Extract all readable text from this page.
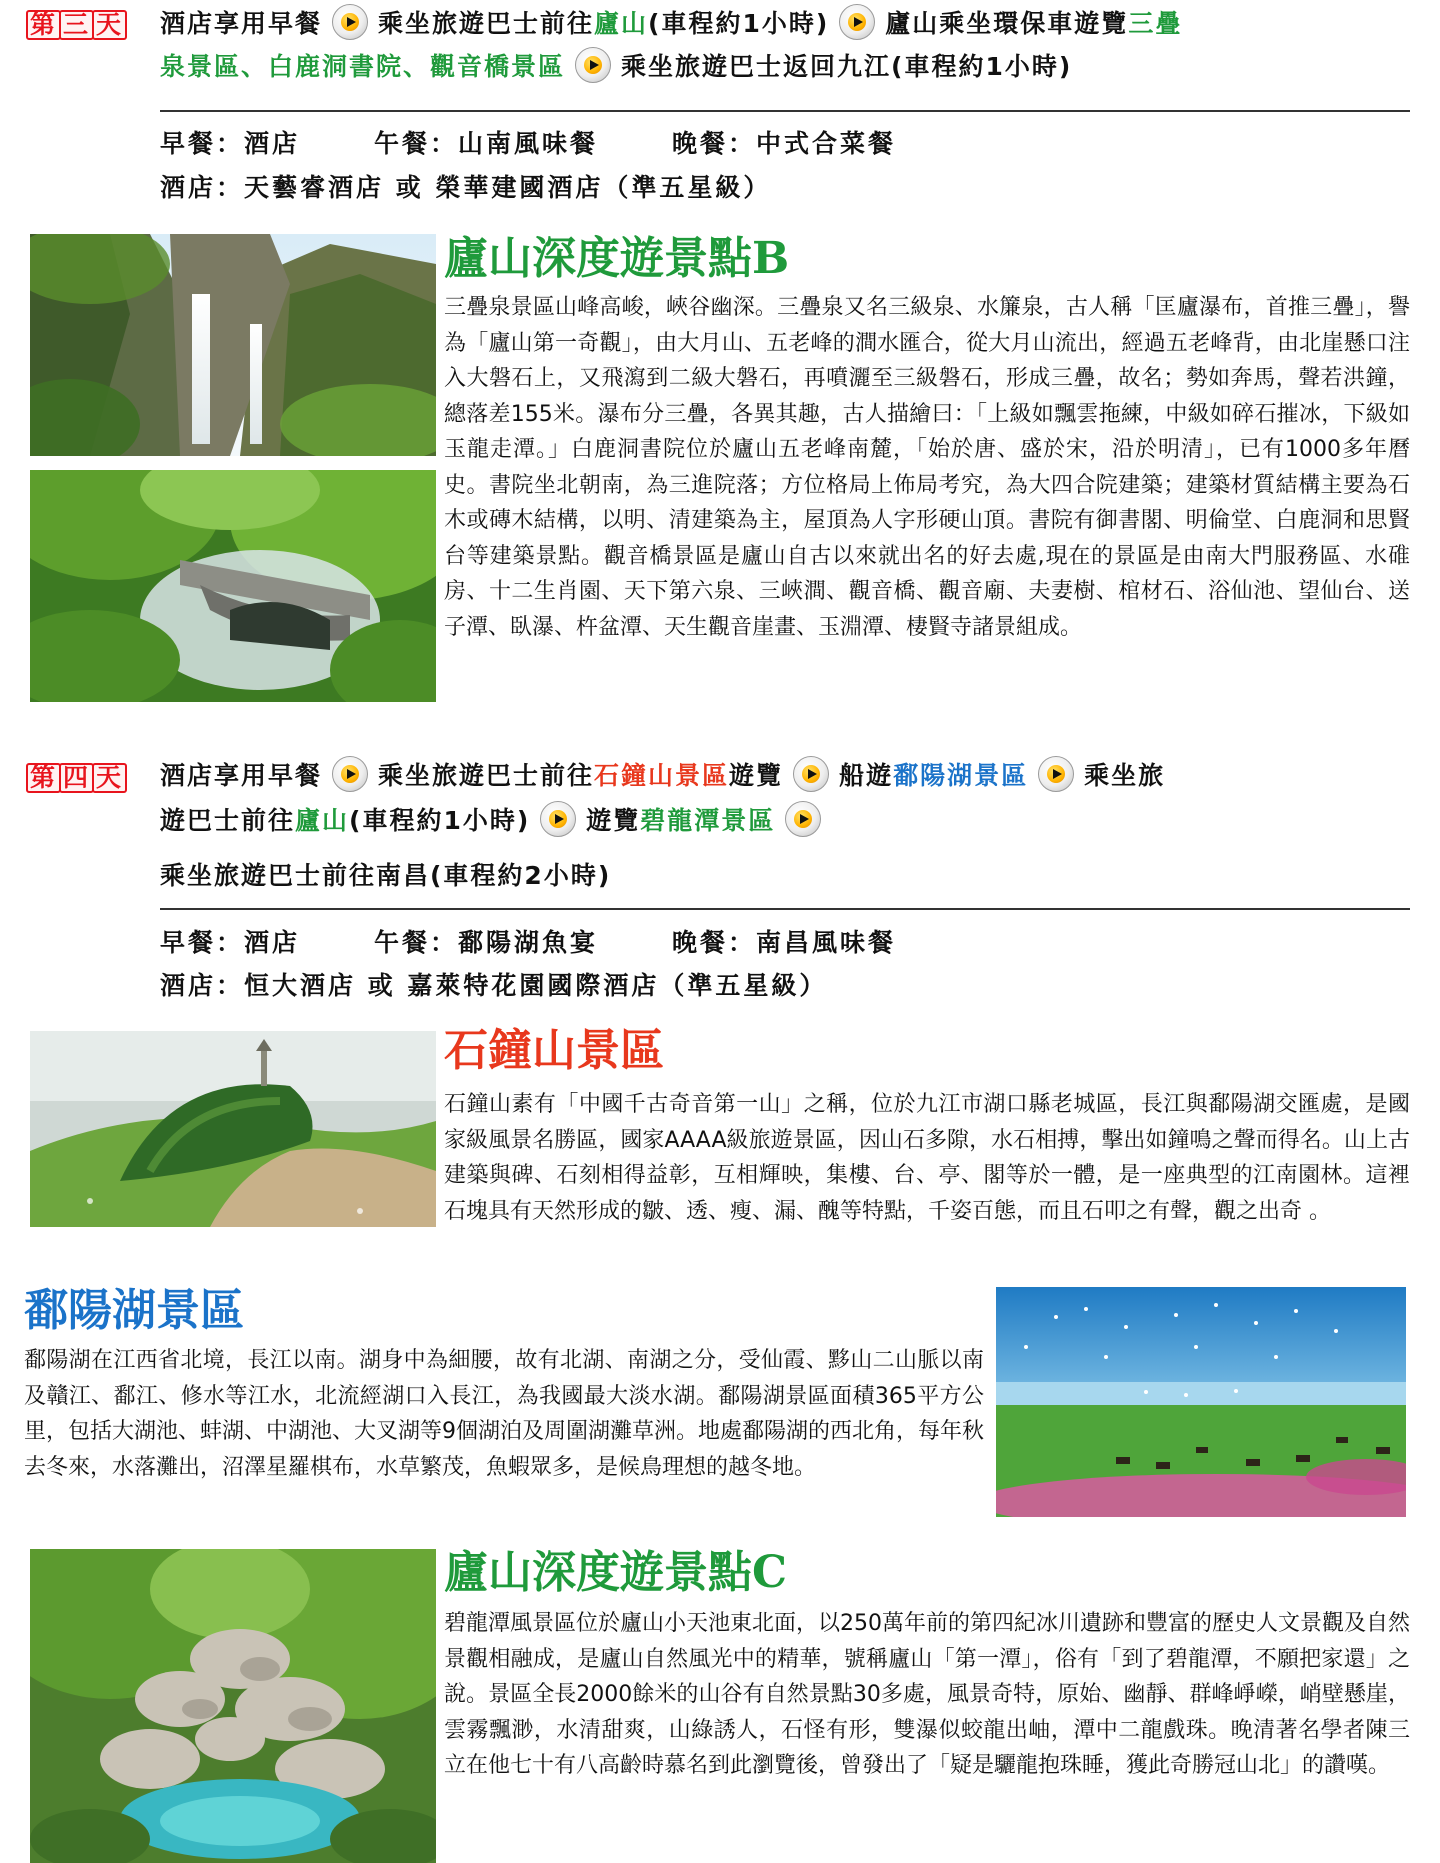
第 三 天 酒店享用早餐 乘坐旅遊巴士前往廬山(車程約1小時) 廬山乘坐環保車遊覽三疊
泉景區、白鹿洞書院、觀音橋景區 乘坐旅遊巴士返回九江(車程約1小時)
早餐：酒店	午餐：山南風味餐	晚餐：中式合菜餐
酒店：天藝睿酒店 或 榮華建國酒店（準五星級）
廬山深度遊景點B
三疊泉景區山峰高峻，峽谷幽深。三疊泉又名三級泉、水簾泉，古人稱「匡廬瀑布，首推三疊」，譽為「廬山第一奇觀」，由大月山、五老峰的澗水匯合，從大月山流出，經過五老峰背，由北崖懸口注入大磐石上，又飛瀉到二級大磐石，再噴灑至三級磐石，形成三疊，故名；勢如奔馬，聲若洪鐘，總落差155米。瀑布分三疊，各異其趣，古人描繪曰：「上級如飄雲拖練，中級如碎石摧冰，下級如玉龍走潭。」白鹿洞書院位於廬山五老峰南麓，「始於唐、盛於宋，沿於明清」，已有1000多年曆史。書院坐北朝南，為三進院落；方位格局上佈局考究，為大四合院建築；建築材質結構主要為石木或磚木結構，以明、清建築為主，屋頂為人字形硬山頂。書院有御書閣、明倫堂、白鹿洞和思賢台等建築景點。觀音橋景區是廬山自古以來就出名的好去處,現在的景區是由南大門服務區、水碓房、十二生肖園、天下第六泉、三峽澗、觀音橋、觀音廟、夫妻樹、棺材石、浴仙池、望仙台、送子潭、臥瀑、杵盆潭、天生觀音崖畫、玉淵潭、棲賢寺諸景組成。
第 四 天 酒店享用早餐 乘坐旅遊巴士前往石鐘山景區遊覽 船遊鄱陽湖景區 乘坐旅
遊巴士前往廬山(車程約1小時) 遊覽碧龍潭景區
乘坐旅遊巴士前往南昌(車程約2小時)
早餐：酒店	午餐：鄱陽湖魚宴	晚餐：南昌風味餐
酒店：恒大酒店 或 嘉萊特花園國際酒店（準五星級）
石鐘山景區
石鐘山素有「中國千古奇音第一山」之稱，位於九江市湖口縣老城區，長江與鄱陽湖交匯處，是國家級風景名勝區，國家AAAA級旅遊景區，因山石多隙，水石相搏，擊出如鐘鳴之聲而得名。山上古建築與碑、石刻相得益彰，互相輝映，集樓、台、亭、閣等於一體，是一座典型的江南園林。這裡石塊具有天然形成的皺、透、瘦、漏、醜等特點，千姿百態，而且石叩之有聲，觀之出奇 。
鄱陽湖景區
鄱陽湖在江西省北境，長江以南。湖身中為細腰，故有北湖、南湖之分，受仙霞、黟山二山脈以南及贛江、鄱江、修水等江水，北流經湖口入長江，為我國最大淡水湖。鄱陽湖景區面積365平方公里，包括大湖池、蚌湖、中湖池、大叉湖等9個湖泊及周圍湖灘草洲。地處鄱陽湖的西北角，每年秋去冬來，水落灘出，沼澤星羅棋布，水草繁茂，魚蝦眾多，是候鳥理想的越冬地。
廬山深度遊景點C
碧龍潭風景區位於廬山小天池東北面，以250萬年前的第四紀冰川遺跡和豐富的歷史人文景觀及自然景觀相融成，是廬山自然風光中的精華，號稱廬山「第一潭」，俗有「到了碧龍潭，不願把家還」之說。景區全長2000餘米的山谷有自然景點30多處，風景奇特，原始、幽靜、群峰崢嶸，峭壁懸崖，雲霧飄渺，水清甜爽，山綠誘人，石怪有形，雙瀑似蛟龍出岫，潭中二龍戲珠。晚清著名學者陳三立在他七十有八高齡時慕名到此瀏覽後，曾發出了「疑是驪龍抱珠睡，獲此奇勝冠山北」的讚嘆。
